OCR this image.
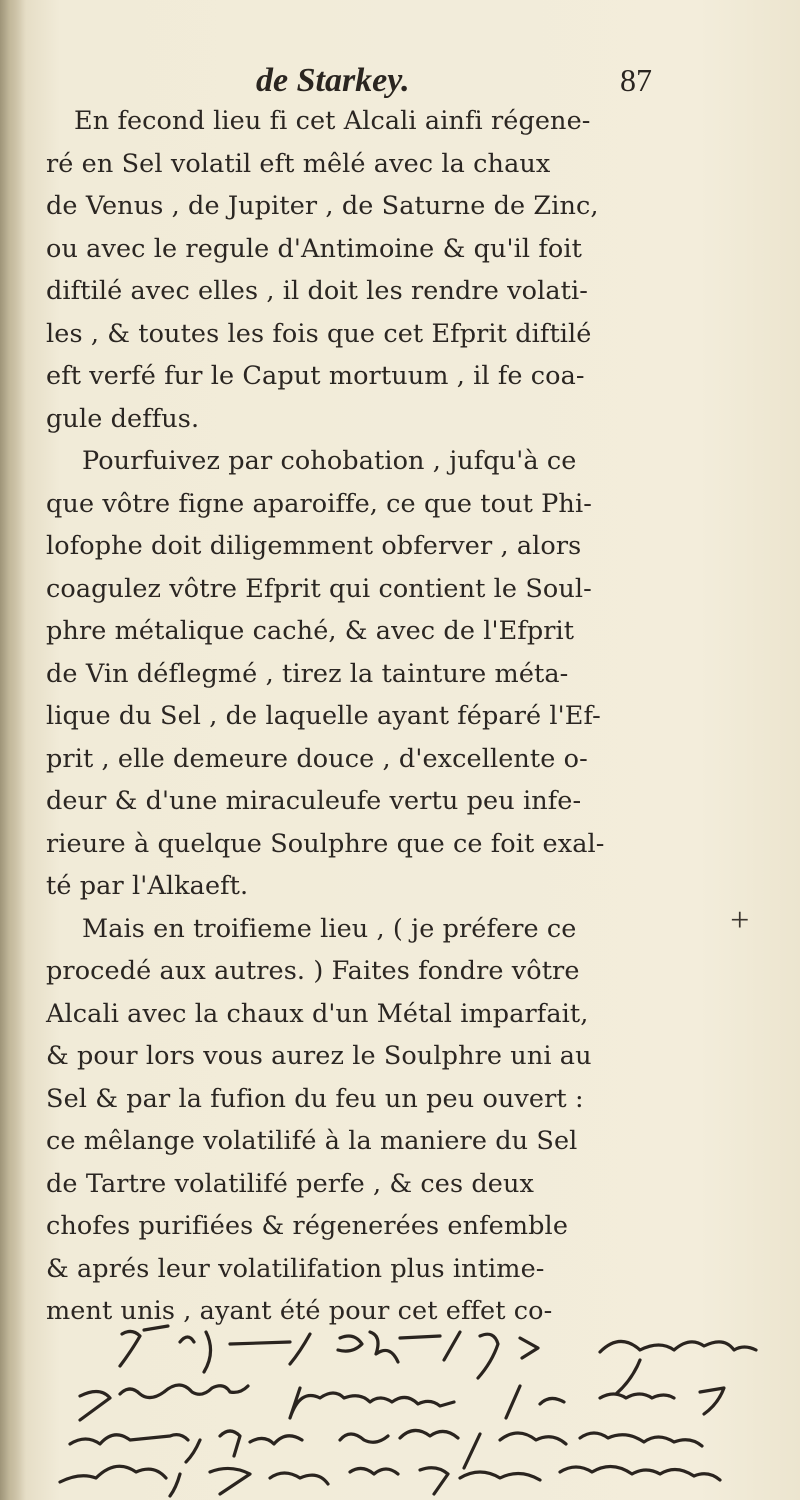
de Starkey.	87
En fecond lieu fi cet Alcali ainfi régene-
ré en Sel volatil eft mêlé avec la chaux
de Venus , de Jupiter , de Saturne de Zinc,
ou avec le regule d'Antimoine & qu'il foit
diftilé avec elles , il doit les rendre volati-
les , & toutes les fois que cet Efprit diftilé
eft verfé fur le Caput mortuum , il fe coa-
gule deffus.
Pourfuivez par cohobation , jufqu'à ce
que vôtre figne aparoiffe, ce que tout Phi-
lofophe doit diligemment obferver , alors
coagulez vôtre Efprit qui contient le Soul-
phre métalique caché, & avec de l'Efprit
de Vin déflegmé , tirez la tainture méta-
lique du Sel , de laquelle ayant féparé l'Ef-
prit , elle demeure douce , d'excellente o-
deur & d'une miraculeufe vertu peu infe-
rieure à quelque Soulphre que ce foit exal-
té par l'Alkaeft.
Mais en troifieme lieu , ( je préfere ce
procedé aux autres. ) Faites fondre vôtre
Alcali avec la chaux d'un Métal imparfait,
& pour lors vous aurez le Soulphre uni au
Sel & par la fufion du feu un peu ouvert :
ce mêlange volatilifé à la maniere du Sel
de Tartre volatilifé perfe , & ces deux
chofes purifiées & régenerées enfemble
& aprés leur volatilifation plus intime-
ment unis , ayant été pour cet effet co-
+
